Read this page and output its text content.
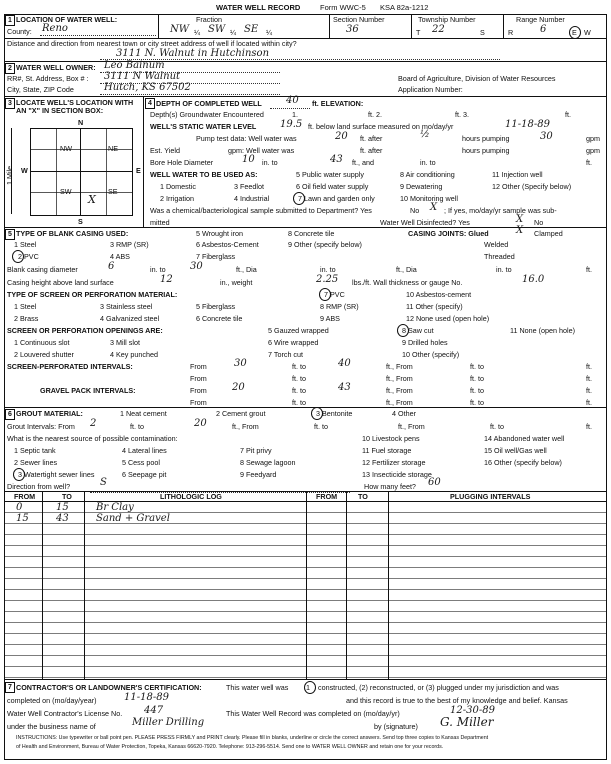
WATER WELL RECORD	Form WWC-5 KSA 82a-1212
1 LOCATION OF WATER WELL:
County: Reno
Fraction
NW ¼ SW ¼ SE ¼
Section Number
36
Township Number
T 22	S
Range Number
R	6	E W
Distance and direction from nearest town or city street address of well if located within city?
3111 N. Walnut in Hutchinson
2 WATER WELL OWNER: Leo Bainum
RR#, St. Address, Box # : 3111 N Walnut
City, State, ZIP Code	Hutch, KS 67502
Board of Agriculture, Division of Water Resources
Application Number:
3 LOCATE WELL'S LOCATION WITH
AN "X" IN SECTION BOX:
N
S
E
W
NW	NE
SW	SE
X
1 Mile
4 DEPTH OF COMPLETED WELL 40 ft. ELEVATION:
Depth(s) Groundwater Encountered	1.	ft. 2.	ft. 3.	ft.
WELL'S STATIC WATER LEVEL 19.5 ft. below land surface measured on mo/day/yr	11-18-89
Pump test data: Well water was	20 ft. after	½	hours pumping	30	gpm
Est. Yield	gpm: Well water was	ft. after	hours pumping	gpm
Bore Hole Diameter	10 in. to	43 ft., and	in. to	ft.
WELL WATER TO BE USED AS:
1 Domestic
2 Irrigation
3 Feedlot
4 Industrial
5 Public water supply
6 Oil field water supply
7 Lawn and garden only
8 Air conditioning
9 Dewatering
10 Monitoring well
11 Injection well
12 Other (Specify below)
Was a chemical/bacteriological sample submitted to Department? Yes	No X ; If yes, mo/day/yr sample was sub-
mitted	Water Well Disinfected? Yes	X No
5 TYPE OF BLANK CASING USED:
1 Steel
2 PVC
3 RMP (SR)
4 ABS
5 Wrought iron
6 Asbestos-Cement
7 Fiberglass
8 Concrete tile
9 Other (specify below)
CASING JOINTS: Glued	X Clamped
Welded
Threaded
Blank casing diameter	6	in. to 30	ft., Dia	in. to	ft., Dia	in. to	ft.
Casing height above land surface	12	in., weight	2.25 lbs./ft. Wall thickness or gauge No.	16.0
TYPE OF SCREEN OR PERFORATION MATERIAL:
1 Steel
2 Brass
3 Stainless steel
4 Galvanized steel
5 Fiberglass
6 Concrete tile
7 PVC
8 RMP (SR)
9 ABS
10 Asbestos-cement
11 Other (specify)
12 None used (open hole)
SCREEN OR PERFORATION OPENINGS ARE:
1 Continuous slot
2 Louvered shutter
3 Mill slot
4 Key punched
5 Gauzed wrapped
6 Wire wrapped
7 Torch cut
8 Saw cut
9 Drilled holes
10 Other (specify)
11 None (open hole)
SCREEN-PERFORATED INTERVALS:	From	30	ft. to	40	ft., From	ft. to	ft.
From	ft. to	ft., From	ft. to	ft.
GRAVEL PACK INTERVALS:	From	20	ft. to	43	ft., From	ft. to	ft.
From	ft. to	ft., From	ft. to	ft.
6 GROUT MATERIAL:	1 Neat cement	2 Cement grout	3 Bentonite	4 Other
Grout Intervals: From 2	ft. to	20	ft., From	ft. to	ft., From	ft. to	ft.
What is the nearest source of possible contamination:
1 Septic tank
2 Sewer lines
3 Watertight sewer lines
4 Lateral lines
5 Cess pool
6 Seepage pit
7 Pit privy
8 Sewage lagoon
9 Feedyard
10 Livestock pens
11 Fuel storage
12 Fertilizer storage
13 Insecticide storage
14 Abandoned water well
15 Oil well/Gas well
16 Other (specify below)
Direction from well?	S	How many feet? 60
FROM	TO	LITHOLOGIC LOG	FROM	TO	PLUGGING INTERVALS
0	15	Br Clay
15	43	Sand + Gravel
7 CONTRACTOR'S OR LANDOWNER'S CERTIFICATION:	This water well was 1 constructed, (2) reconstructed, or (3) plugged under my jurisdiction and was
completed on (mo/day/year)	11-18-89	and this record is true to the best of my knowledge and belief. Kansas
Water Well Contractor's License No. 447	This Water Well Record was completed on (mo/day/yr)	12-30-89
under the business name of	Miller Drilling	by (signature) G. Miller
INSTRUCTIONS: Use typewriter or ball point pen. PLEASE PRESS FIRMLY and PRINT clearly. Please fill in blanks, underline or circle the correct answers. Send top three copies to Kansas Department
of Health and Environment, Bureau of Water Protection, Topeka, Kansas 66620-7920. Telephone: 913-296-5514. Send one to WATER WELL OWNER and retain one for your records.
